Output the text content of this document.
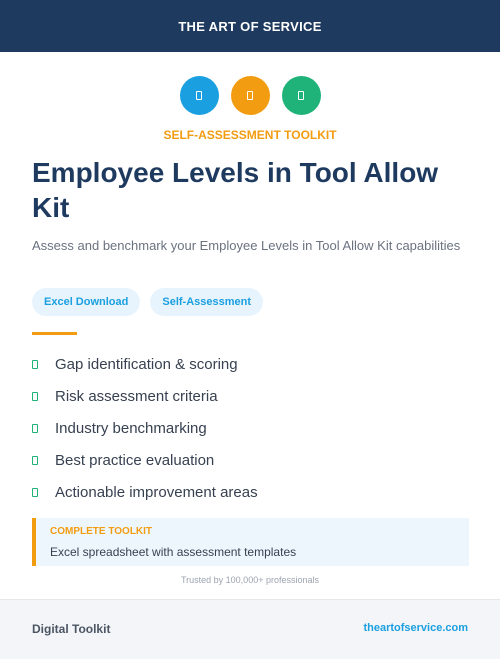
THE ART OF SERVICE
SELF-ASSESSMENT TOOLKIT
Employee Levels in Tool Allow Kit
Assess and benchmark your Employee Levels in Tool Allow Kit capabilities
Excel Download	Self-Assessment
Gap identification & scoring
Risk assessment criteria
Industry benchmarking
Best practice evaluation
Actionable improvement areas
COMPLETE TOOLKIT
Excel spreadsheet with assessment templates
Trusted by 100,000+ professionals
Digital Toolkit	theartofservice.com
